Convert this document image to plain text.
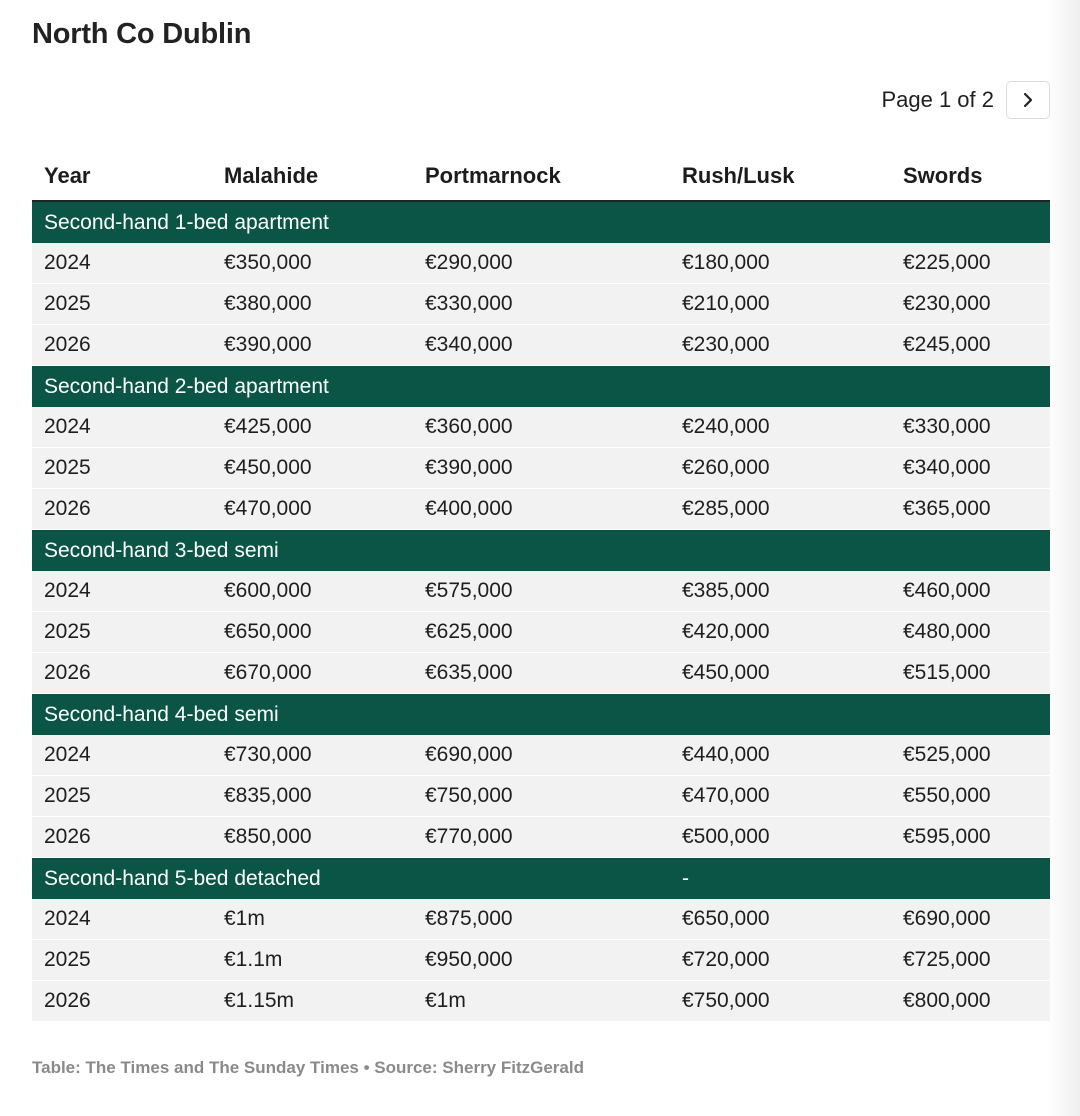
North Co Dublin
Page 1 of 2
Year	Malahide	Portmarnock	Rush/Lusk	Swords
Second-hand 1-bed apartment				
2024	€350,000	€290,000	€180,000	€225,000
2025	€380,000	€330,000	€210,000	€230,000
2026	€390,000	€340,000	€230,000	€245,000
Second-hand 2-bed apartment				
2024	€425,000	€360,000	€240,000	€330,000
2025	€450,000	€390,000	€260,000	€340,000
2026	€470,000	€400,000	€285,000	€365,000
Second-hand 3-bed semi				
2024	€600,000	€575,000	€385,000	€460,000
2025	€650,000	€625,000	€420,000	€480,000
2026	€670,000	€635,000	€450,000	€515,000
Second-hand 4-bed semi				
2024	€730,000	€690,000	€440,000	€525,000
2025	€835,000	€750,000	€470,000	€550,000
2026	€850,000	€770,000	€500,000	€595,000
Second-hand 5-bed detached			-	
2024	€1m	€875,000	€650,000	€690,000
2025	€1.1m	€950,000	€720,000	€725,000
2026	€1.15m	€1m	€750,000	€800,000
Table: The Times and The Sunday Times • Source: Sherry FitzGerald
